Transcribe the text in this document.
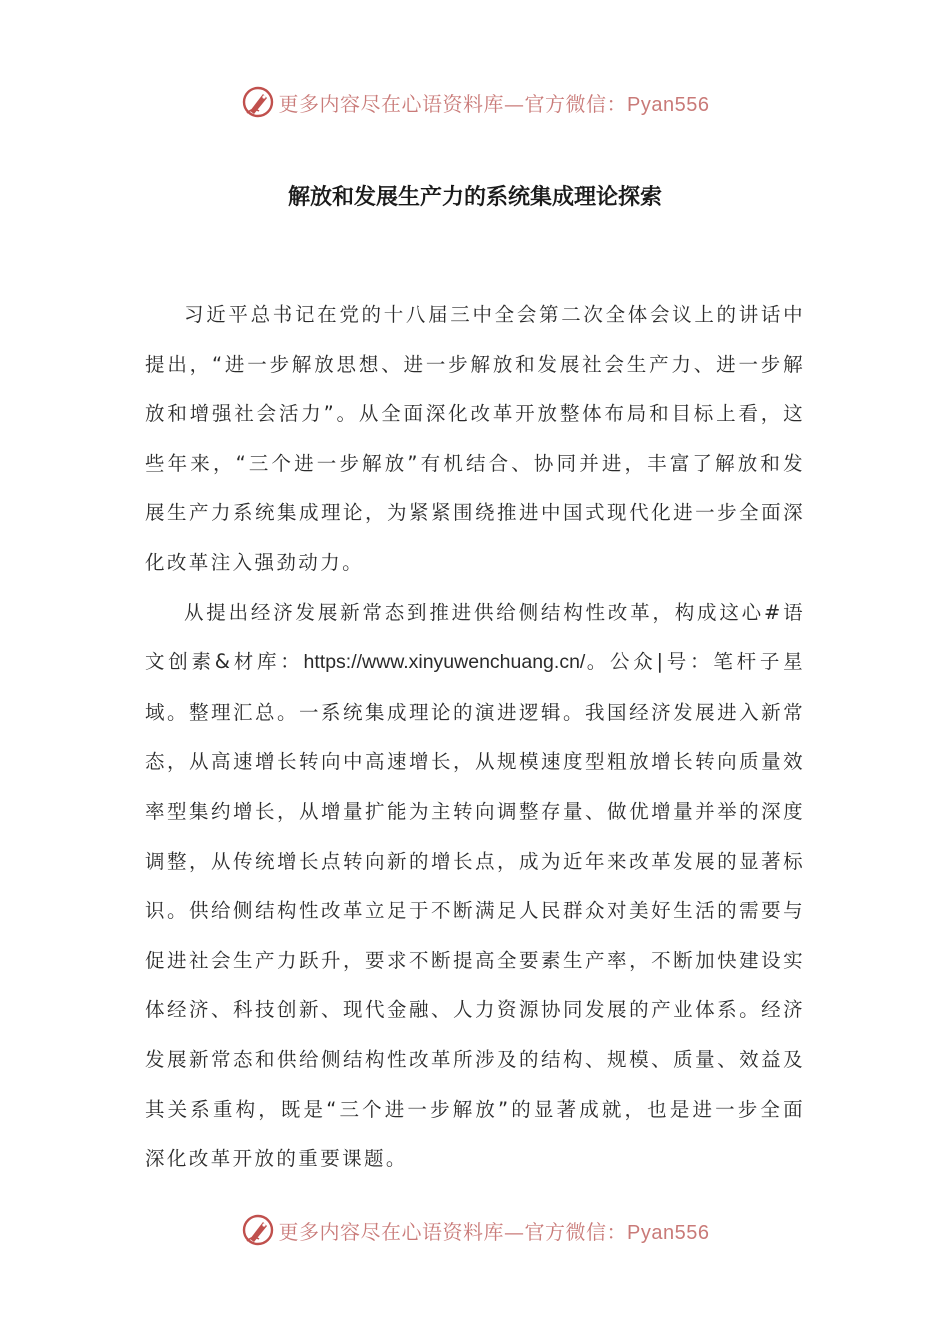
更多内容尽在心语资料库—官方微信：Pyan556
解放和发展生产力的系统集成理论探索

习近平总书记在党的十八届三中全会第二次全体会议上的讲话中提出，“进一步解放思想、进一步解放和发展社会生产力、进一步解放和增强社会活力”。从全面深化改革开放整体布局和目标上看，这些年来，“三个进一步解放”有机结合、协同并进，丰富了解放和发展生产力系统集成理论，为紧紧围绕推进中国式现代化进一步全面深化改革注入强劲动力。

从提出经济发展新常态到推进供给侧结构性改革，构成这心#语文创素&材库：https://www.xinyuwenchuang.cn/。公众|号：笔杆子星域。整理汇总。一系统集成理论的演进逻辑。我国经济发展进入新常态，从高速增长转向中高速增长，从规模速度型粗放增长转向质量效率型集约增长，从增量扩能为主转向调整存量、做优增量并举的深度调整，从传统增长点转向新的增长点，成为近年来改革发展的显著标识。供给侧结构性改革立足于不断满足人民群众对美好生活的需要与促进社会生产力跃升，要求不断提高全要素生产率，不断加快建设实体经济、科技创新、现代金融、人力资源协同发展的产业体系。经济发展新常态和供给侧结构性改革所涉及的结构、规模、质量、效益及其关系重构，既是“三个进一步解放”的显著成就，也是进一步全面深化改革开放的重要课题。

更多内容尽在心语资料库—官方微信：Pyan556
